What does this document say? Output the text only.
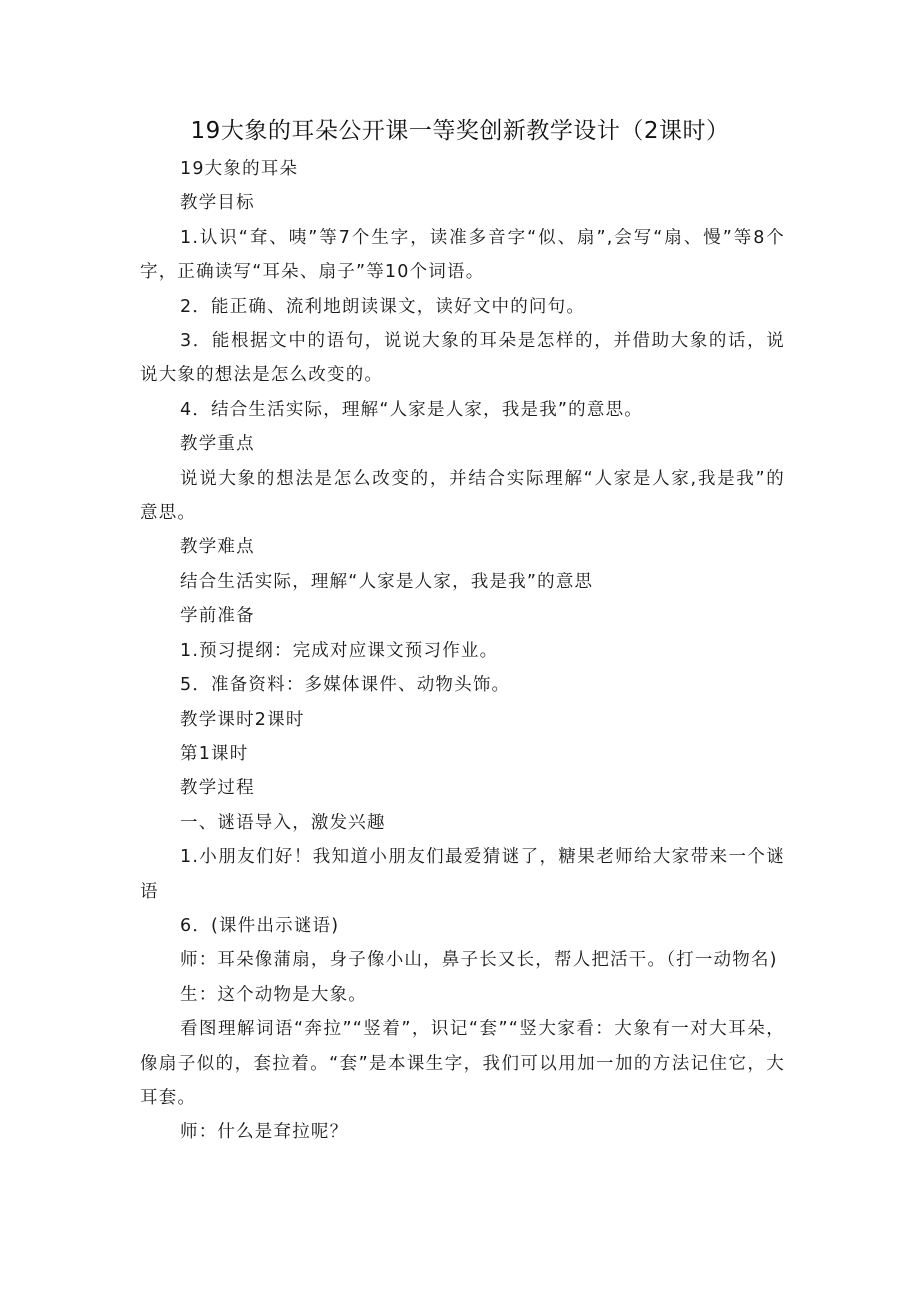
19大象的耳朵公开课一等奖创新教学设计（2课时）

19大象的耳朵

教学目标

1.认识“耷、咦”等7个生字，读准多音字“似、扇”,会写“扇、慢”等8个字，正确读写“耳朵、扇子”等10个词语。

2．能正确、流利地朗读课文，读好文中的问句。

3．能根据文中的语句，说说大象的耳朵是怎样的，并借助大象的话，说说大象的想法是怎么改变的。

4．结合生活实际，理解“人家是人家，我是我”的意思。

教学重点

说说大象的想法是怎么改变的，并结合实际理解“人家是人家,我是我”的意思。

教学难点

结合生活实际，理解“人家是人家，我是我”的意思

学前准备

1.预习提纲：完成对应课文预习作业。

5．准备资料：多媒体课件、动物头饰。

教学课时2课时

第1课时

教学过程

一、谜语导入，激发兴趣

1.小朋友们好！我知道小朋友们最爱猜谜了，糖果老师给大家带来一个谜语

6．(课件出示谜语)

师：耳朵像蒲扇，身子像小山，鼻子长又长，帮人把活干。（打一动物名)

生：这个动物是大象。

看图理解词语“奔拉”“竖着”，识记“套”“竖大家看：大象有一对大耳朵，像扇子似的，套拉着。“套”是本课生字，我们可以用加一加的方法记住它，大耳套。

师：什么是耷拉呢？
